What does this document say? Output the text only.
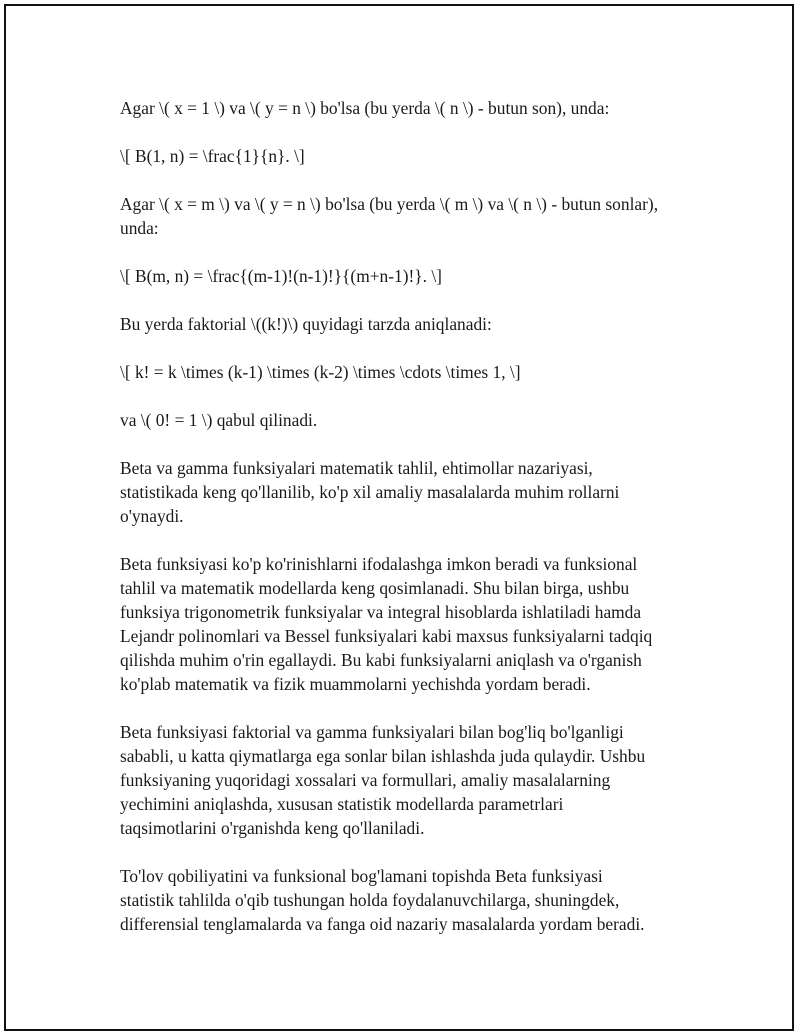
Agar \( x = 1 \) va \( y = n \) bo'lsa (bu yerda \( n \) - butun son), unda:

\[ B(1, n) = \frac{1}{n}. \]

Agar \( x = m \) va \( y = n \) bo'lsa (bu yerda \( m \) va \( n \) - butun sonlar), unda:

\[ B(m, n) = \frac{(m-1)!(n-1)!}{(m+n-1)!}. \]

Bu yerda faktorial \((k!)\) quyidagi tarzda aniqlanadi:

\[ k! = k \times (k-1) \times (k-2) \times \cdots \times 1, \]

va \( 0! = 1 \) qabul qilinadi.

Beta va gamma funksiyalari matematik tahlil, ehtimollar nazariyasi, statistikada keng qo'llanilib, ko'p xil amaliy masalalarda muhim rollarni o'ynaydi.

Beta funksiyasi ko'p ko'rinishlarni ifodalashga imkon beradi va funksional tahlil va matematik modellarda keng qosimlanadi. Shu bilan birga, ushbu funksiya trigonometrik funksiyalar va integral hisoblarda ishlatiladi hamda Lejandr polinomlari va Bessel funksiyalari kabi maxsus funksiyalarni tadqiq qilishda muhim o'rin egallaydi. Bu kabi funksiyalarni aniqlash va o'rganish ko'plab matematik va fizik muammolarni yechishda yordam beradi.

Beta funksiyasi faktorial va gamma funksiyalari bilan bog'liq bo'lganligi sababli, u katta qiymatlarga ega sonlar bilan ishlashda juda qulaydir. Ushbu funksiyaning yuqoridagi xossalari va formullari, amaliy masalalarning yechimini aniqlashda, xususan statistik modellarda parametrlari taqsimotlarini o'rganishda keng qo'llaniladi.

To'lov qobiliyatini va funksional bog'lamani topishda Beta funksiyasi statistik tahlilda o'qib tushungan holda foydalanuvchilarga, shuningdek, differensial tenglamalarda va fanga oid nazariy masalalarda yordam beradi.
